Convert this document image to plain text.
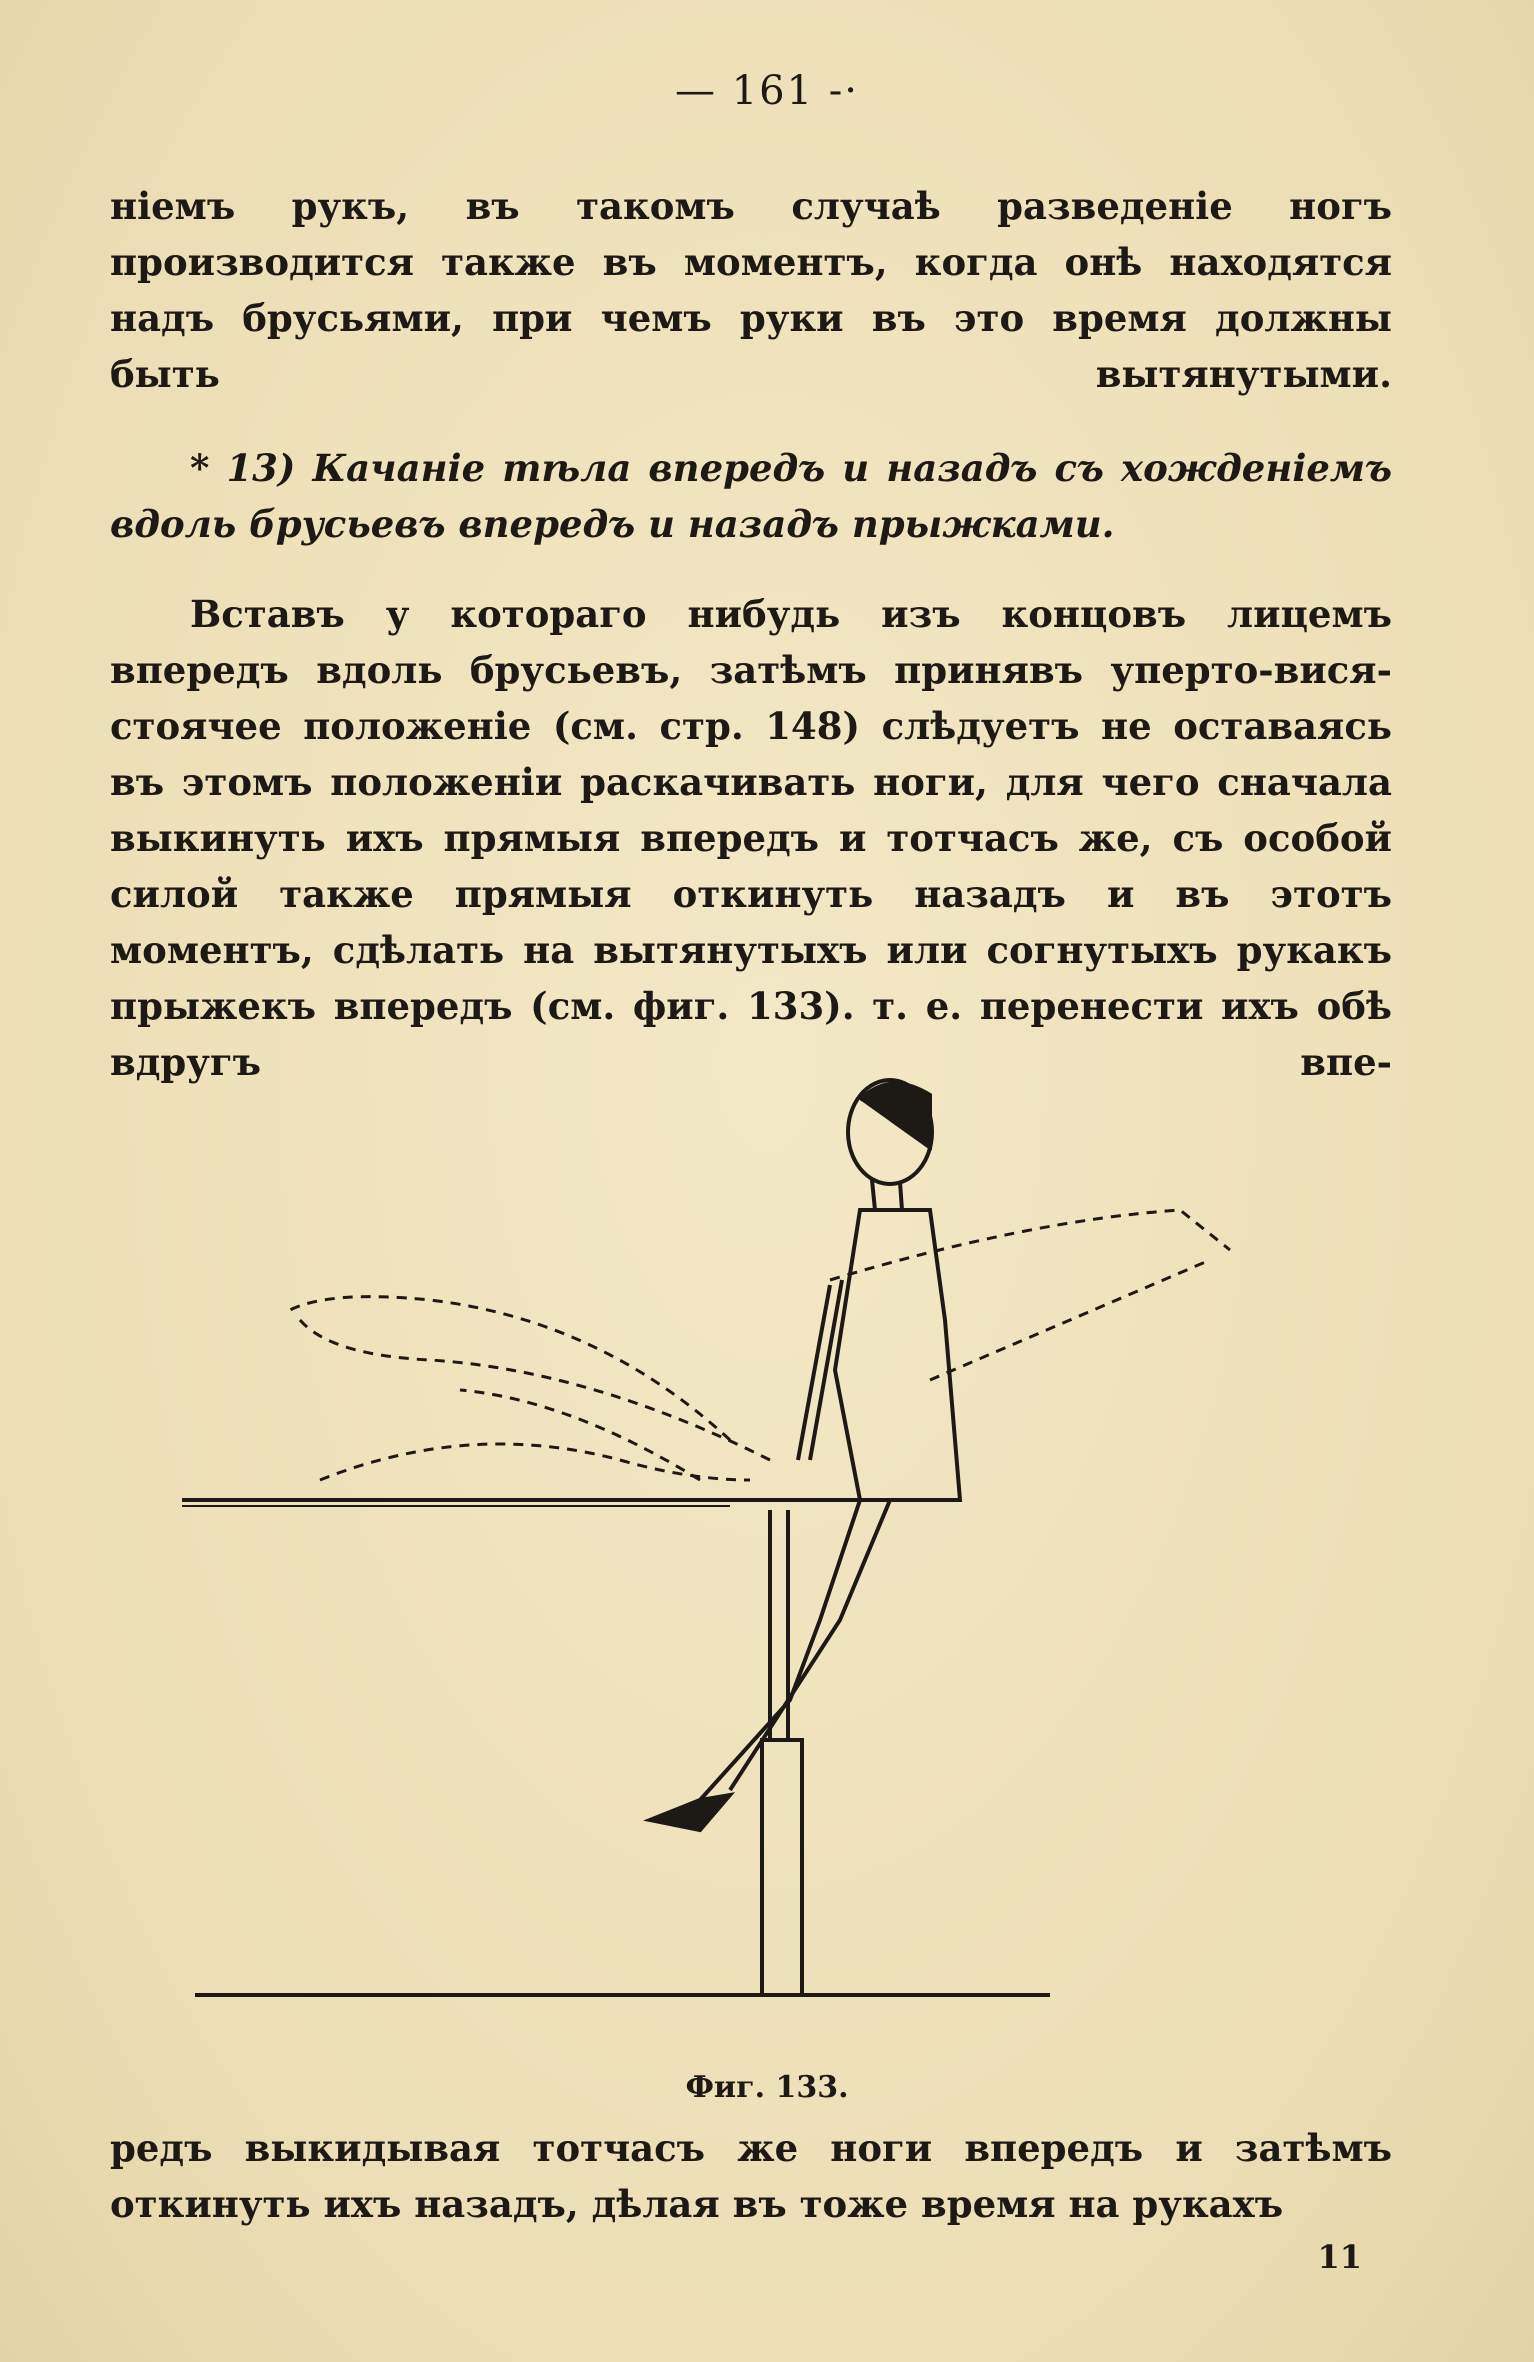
— 161 -·
ніемъ рукъ, въ такомъ случаѣ разведеніе ногъ производится также въ моментъ, когда онѣ находятся надъ брусьями, при чемъ руки въ это время должны быть вытянутыми.
* 13) Качаніе тѣла впередъ и назадъ съ хожденіемъ вдоль брусьевъ впередъ и назадъ прыжками.
Вставъ у котораго нибудь изъ концовъ лицемъ впередъ вдоль брусьевъ, затѣмъ принявъ уперто-вися-стоячее положеніе (см. стр. 148) слѣдуетъ не оставаясь въ этомъ положеніи раскачивать ноги, для чего сначала выкинуть ихъ прямыя впередъ и тотчасъ же, съ особой силой также прямыя откинуть назадъ и въ этотъ моментъ, сдѣлать на вытянутыхъ или согнутыхъ рукакъ прыжекъ впередъ (см. фиг. 133). т. е. перенести ихъ обѣ вдругъ впе-
Фиг. 133.
редъ выкидывая тотчасъ же ноги впередъ и затѣмъ откинуть ихъ назадъ, дѣлая въ тоже время на рукахъ
11
